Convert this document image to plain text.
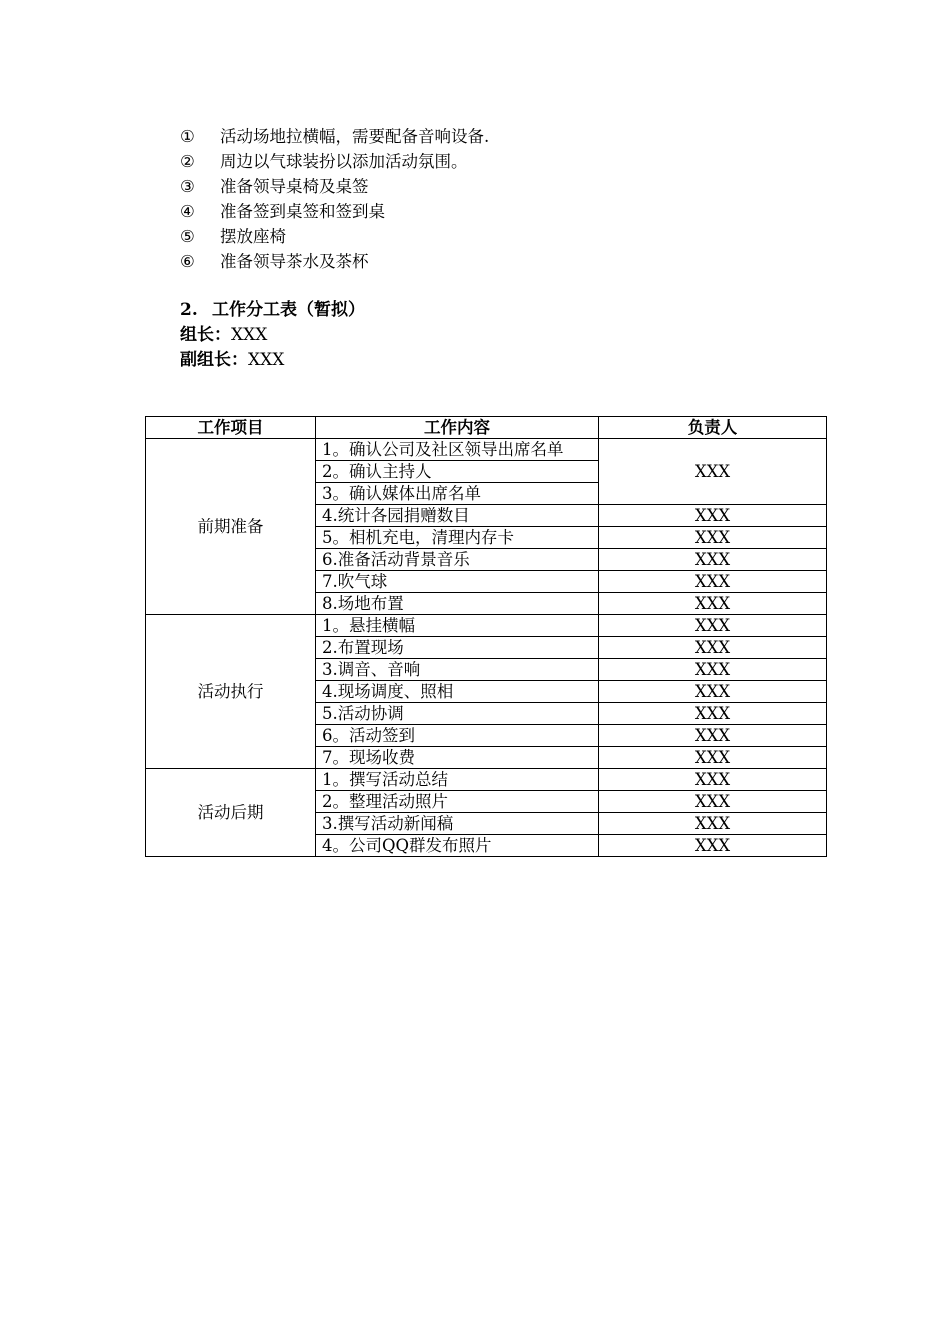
①	活动场地拉横幅，需要配备音响设备.
②	周边以气球装扮以添加活动氛围。
③	准备领导桌椅及桌签
④	准备签到桌签和签到桌
⑤	摆放座椅
⑥	准备领导茶水及茶杯
2. 工作分工表（暂拟）
组长：XXX
副组长：XXX
工作项目	工作内容	负责人
前期准备	1。确认公司及社区领导出席名单	XXX
	2。确认主持人	
	3。确认媒体出席名单	
	4.统计各园捐赠数目	XXX
	5。相机充电，清理内存卡	XXX
	6.准备活动背景音乐	XXX
	7.吹气球	XXX
	8.场地布置	XXX
活动执行	1。悬挂横幅	XXX
	2.布置现场	XXX
	3.调音、音响	XXX
	4.现场调度、照相	XXX
	5.活动协调	XXX
	6。活动签到	XXX
	7。现场收费	XXX
活动后期	1。撰写活动总结	XXX
	2。整理活动照片	XXX
	3.撰写活动新闻稿	XXX
	4。公司QQ群发布照片	XXX
